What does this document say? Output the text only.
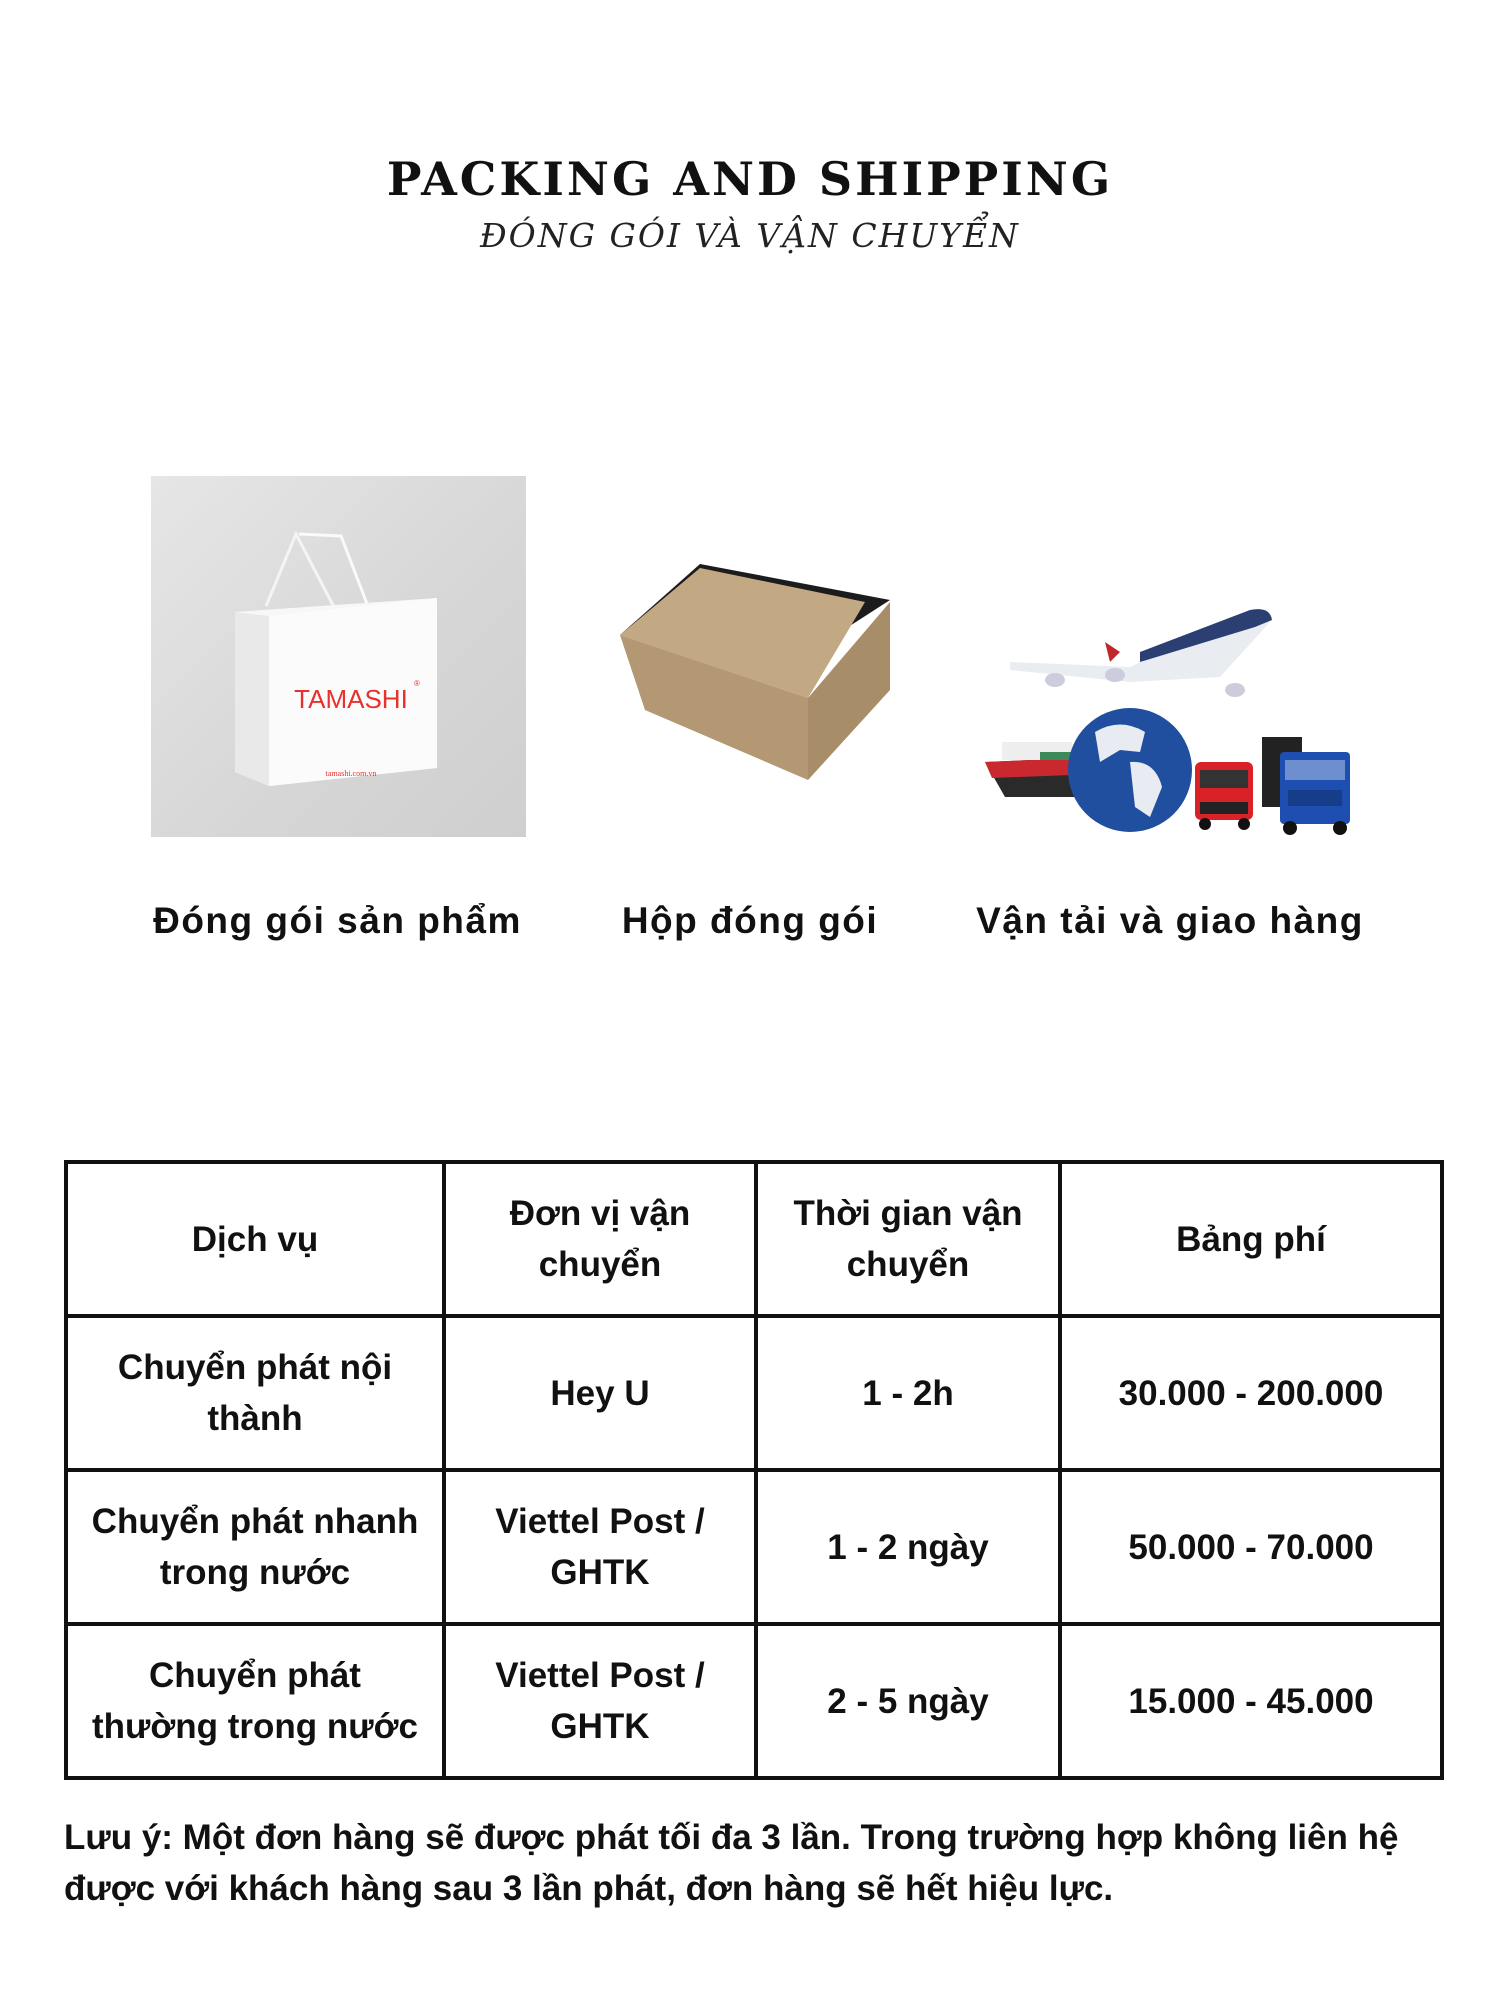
PACKING AND SHIPPING
ĐÓNG GÓI VÀ VẬN CHUYỂN
TAMASHI
®
tamashi.com.vn
Đóng gói sản phẩm	Hộp đóng gói	Vận tải và giao hàng
Dịch vụ	Đơn vị vận chuyển	Thời gian vận chuyển	Bảng phí
Chuyển phát nội thành	Hey U	1 - 2h	30.000 - 200.000
Chuyển phát nhanh trong nước	Viettel Post / GHTK	1 - 2 ngày	50.000 - 70.000
Chuyển phát thường trong nước	Viettel Post / GHTK	2 - 5 ngày	15.000 - 45.000
Lưu ý: Một đơn hàng sẽ được phát tối đa 3 lần. Trong trường hợp không liên hệ được với khách hàng sau 3 lần phát, đơn hàng sẽ hết hiệu lực.
